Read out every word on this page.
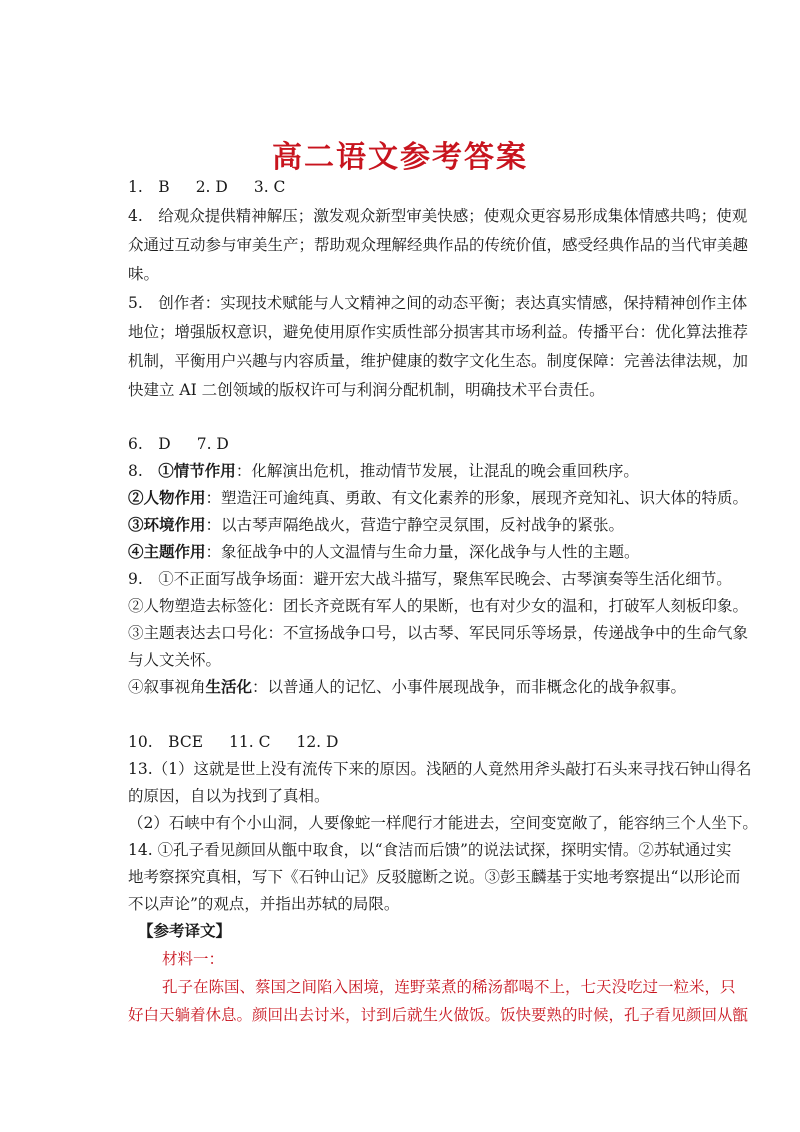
高二语文参考答案
1.　B 2. D 3. C
4.　给观众提供精神解压；激发观众新型审美快感；使观众更容易形成集体情感共鸣；使观
众通过互动参与审美生产；帮助观众理解经典作品的传统价值，感受经典作品的当代审美趣
味。
5.　创作者：实现技术赋能与人文精神之间的动态平衡；表达真实情感，保持精神创作主体
地位；增强版权意识，避免使用原作实质性部分损害其市场利益。传播平台：优化算法推荐
机制，平衡用户兴趣与内容质量，维护健康的数字文化生态。制度保障：完善法律法规，加
快建立 AI 二创领域的版权许可与利润分配机制，明确技术平台责任。
6.　D 7. D
8.　①情节作用：化解演出危机，推动情节发展，让混乱的晚会重回秩序。
②人物作用：塑造汪可逾纯真、勇敢、有文化素养的形象，展现齐竞知礼、识大体的特质。
③环境作用：以古琴声隔绝战火，营造宁静空灵氛围，反衬战争的紧张。
④主题作用：象征战争中的人文温情与生命力量，深化战争与人性的主题。
9.　①不正面写战争场面：避开宏大战斗描写，聚焦军民晚会、古琴演奏等生活化细节。
②人物塑造去标签化：团长齐竞既有军人的果断，也有对少女的温和，打破军人刻板印象。
③主题表达去口号化：不宣扬战争口号，以古琴、军民同乐等场景，传递战争中的生命气象
与人文关怀。
④叙事视角生活化：以普通人的记忆、小事件展现战争，而非概念化的战争叙事。
10.　BCE 11. C 12. D
13.（1）这就是世上没有流传下来的原因。浅陋的人竟然用斧头敲打石头来寻找石钟山得名
的原因，自以为找到了真相。
（2）石峡中有个小山洞，人要像蛇一样爬行才能进去，空间变宽敞了，能容纳三个人坐下。
14. ①孔子看见颜回从甑中取食，以“食洁而后馈”的说法试探，探明实情。②苏轼通过实
地考察探究真相，写下《石钟山记》反驳臆断之说。③彭玉麟基于实地考察提出“以形论而
不以声论”的观点，并指出苏轼的局限。
【参考译文】
材料一：
孔子在陈国、蔡国之间陷入困境，连野菜煮的稀汤都喝不上，七天没吃过一粒米，只
好白天躺着休息。颜回出去讨米，讨到后就生火做饭。饭快要熟的时候，孔子看见颜回从甑
